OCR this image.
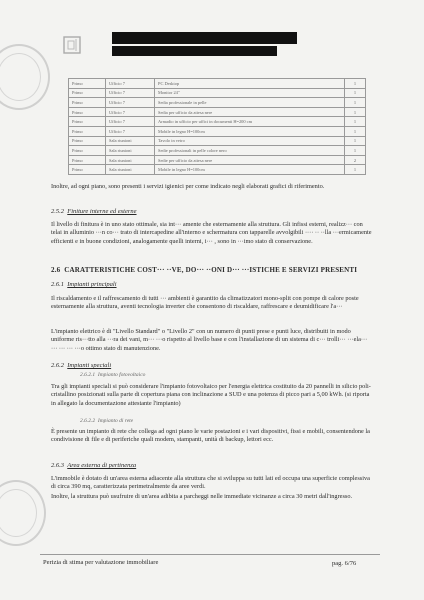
Primo	Ufficio 7	PC Desktop	1
Primo	Ufficio 7	Monitor 24"	1
Primo	Ufficio 7	Sedia professionale in pelle	1
Primo	Ufficio 7	Sedia per ufficio da attesa nere	1
Primo	Ufficio 7	Armadio in ufficio per uffici in documenti H=200 cm	1
Primo	Ufficio 7	Mobile in legno H=100cm	1
Primo	Sala riunioni	Tavolo in vetro	1
Primo	Sala riunioni	Sedie professionali in pelle colore nero	1
Primo	Sala riunioni	Sedie per ufficio da attesa nere	2
Primo	Sala riunioni	Mobile in legno H=100cm	1
Inoltre, ad ogni piano, sono presenti i servizi igienici per come indicato negli elaborati grafici di riferimento.
2.5.2 Finiture interne ed esterne
Il livello di finitura è in uno stato ottimale, sia int··· amente che esternamente alla struttura. Gli infissi esterni, realizz··· con telai in alluminio ···n co··· trato di intercapedine all'interno e schermatura con tapparelle avvolgibili ···· ·· ··lla ···ermicamente efficienti e in buone condizioni, analogamente quelli interni, i··· , sono in ···imo stato di conservazione.
2.6 CARATTERISTICHE COST··· ··VE, DO··· ··ONI D··· ···ISTICHE E SERVIZI PRESENTI
2.6.1 Impianti principali
Il riscaldamento e il raffrescamento di tutti ··· ambienti è garantito da climatizzatori mono-split con pompe di calore poste esternamente alla struttura, aventi tecnologia inverter che consentono di riscaldare, raffrescare e deumidificare l'a···
L'impianto elettrico è di "Livello Standard" o "Livello 2" con un numero di punti prese e punti luce, distribuiti in modo uniforme ris···tto alla ···ra dei vani, m··· ···o rispetto al livello base e con l'installazione di un sistema di c··· trolli··· ···ela··· ··· ··· ··· ···o ottimo stato di manutenzione.
2.6.2 Impianti speciali
2.6.2.1 Impianto fotovoltaico
Tra gli impianti speciali si può considerare l'impianto fotovoltaico per l'energia elettrica costituito da 20 pannelli in silicio poli-cristallino posizionati sulla parte di copertura piana con inclinazione a SUD e una potenza di picco pari a 5,00 kWh. (si riporta in allegato la documentazione attestante l'impianto)
2.6.2.2 Impianto di rete
È presente un impianto di rete che collega ad ogni piano le varie postazioni e i vari dispositivi, fissi e mobili, consentendone la condivisione di file e di periferiche quali modem, stampanti, unità di backup, lettori ecc.
2.6.3 Area esterna di pertinenza
L'immobile è dotato di un'area esterna adiacente alla struttura che si sviluppa su tutti lati ed occupa una superficie complessiva di circa 390 mq, caratterizzata perimetralmente da aree verdi.
Inoltre, la struttura può usufruire di un'area adibita a parcheggi nelle immediate vicinanze a circa 30 metri dall'ingresso.
Perizia di stima per valutazione immobiliare	pag. 6/76
